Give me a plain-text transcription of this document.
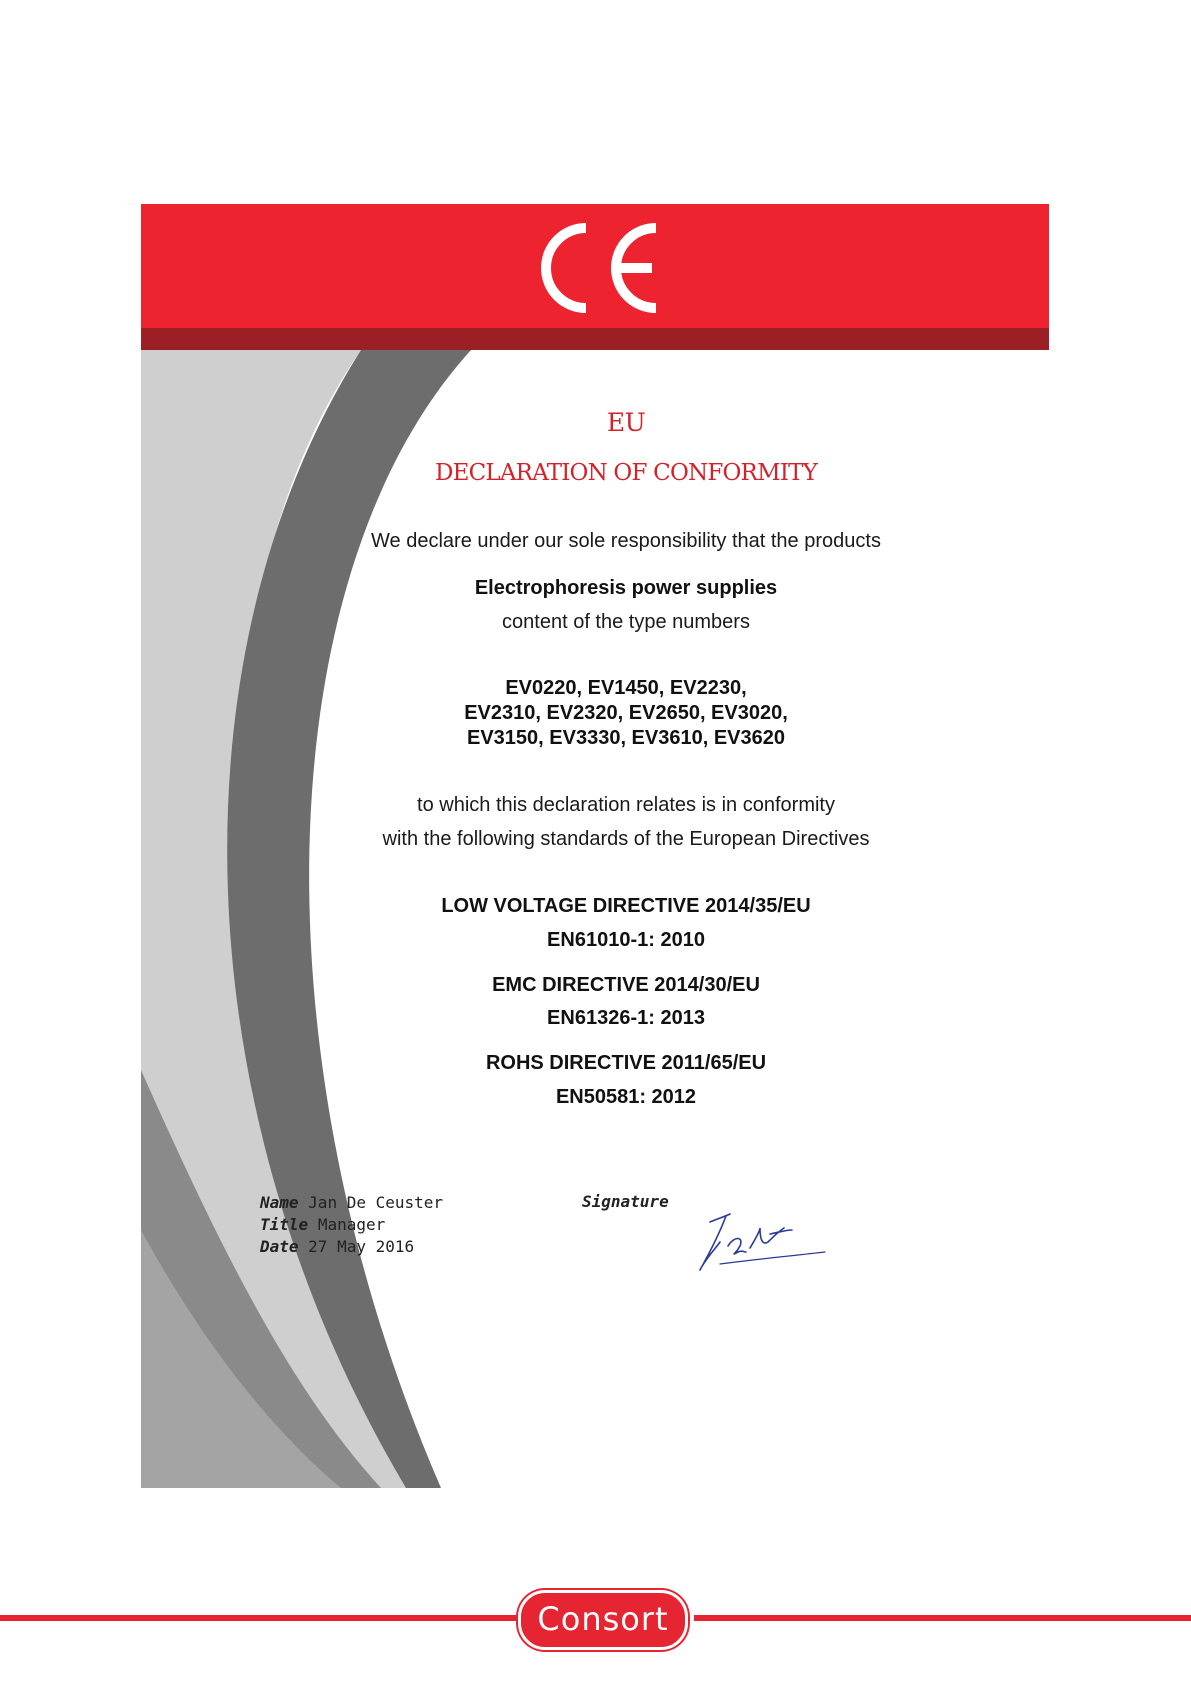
EU
DECLARATION OF CONFORMITY
We declare under our sole responsibility that the products
Electrophoresis power supplies
content of the type numbers
EV0220, EV1450, EV2230,
EV2310, EV2320, EV2650, EV3020,
EV3150, EV3330, EV3610, EV3620
to which this declaration relates is in conformity
with the following standards of the European Directives
LOW VOLTAGE DIRECTIVE 2014/35/EU
EN61010-1: 2010
EMC DIRECTIVE 2014/30/EU
EN61326-1: 2013
ROHS DIRECTIVE 2011/65/EU
EN50581: 2012
Name Jan De Ceuster
Title Manager
Date 27 May 2016
Signature
Consort
